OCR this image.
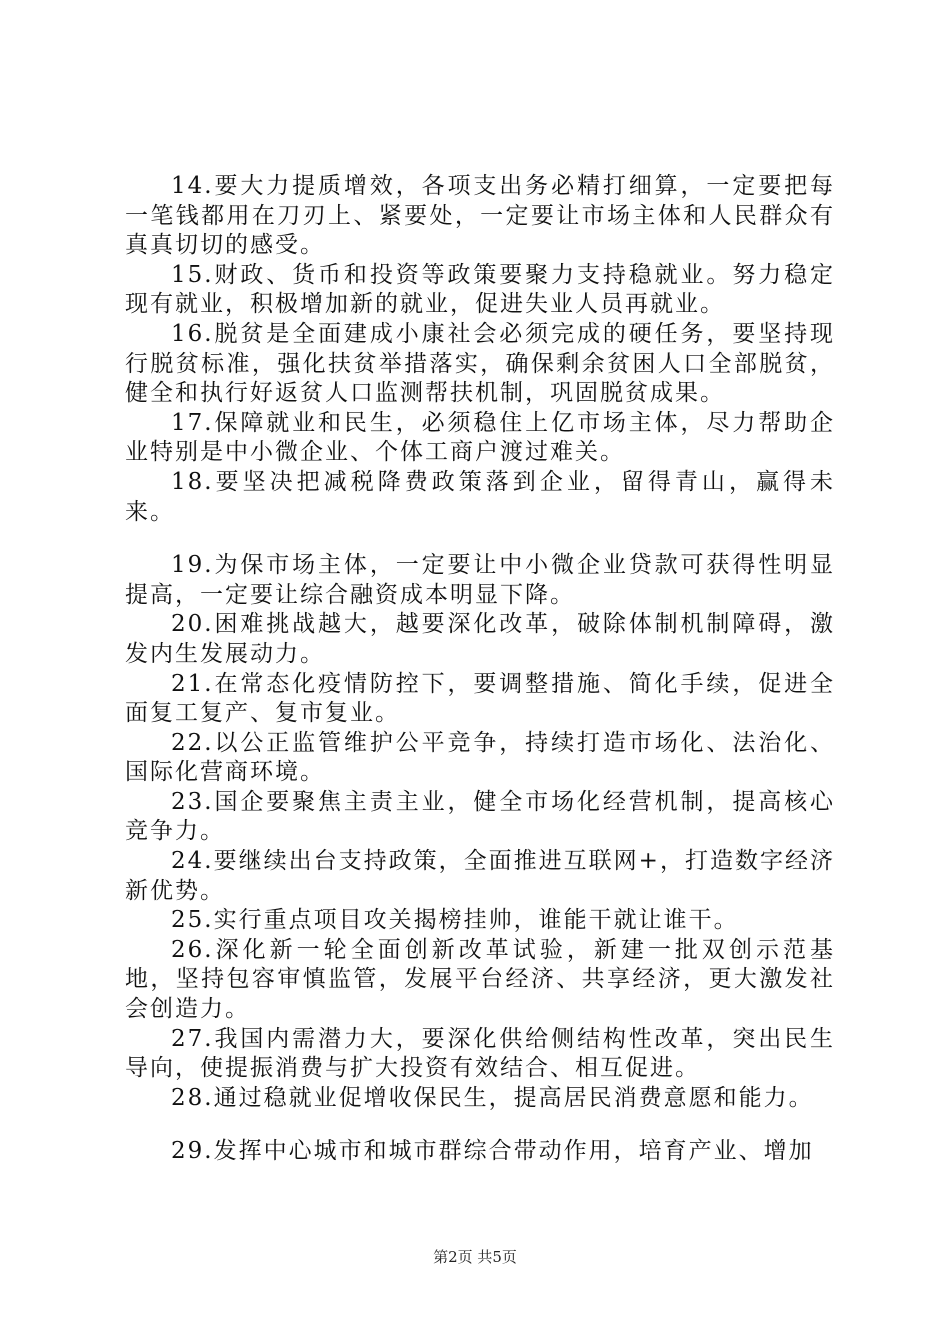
14.要大力提质增效，各项支出务必精打细算，一定要把每一笔钱都用在刀刃上、紧要处，一定要让市场主体和人民群众有真真切切的感受。

15.财政、货币和投资等政策要聚力支持稳就业。努力稳定现有就业，积极增加新的就业，促进失业人员再就业。

16.脱贫是全面建成小康社会必须完成的硬任务，要坚持现行脱贫标准，强化扶贫举措落实，确保剩余贫困人口全部脱贫，健全和执行好返贫人口监测帮扶机制，巩固脱贫成果。

17.保障就业和民生，必须稳住上亿市场主体，尽力帮助企业特别是中小微企业、个体工商户渡过难关。

18.要坚决把减税降费政策落到企业，留得青山，赢得未来。

19.为保市场主体，一定要让中小微企业贷款可获得性明显提高，一定要让综合融资成本明显下降。

20.困难挑战越大，越要深化改革，破除体制机制障碍，激发内生发展动力。

21.在常态化疫情防控下，要调整措施、简化手续，促进全面复工复产、复市复业。

22.以公正监管维护公平竞争，持续打造市场化、法治化、国际化营商环境。

23.国企要聚焦主责主业，健全市场化经营机制，提高核心竞争力。

24.要继续出台支持政策，全面推进互联网+，打造数字经济新优势。

25.实行重点项目攻关揭榜挂帅，谁能干就让谁干。

26.深化新一轮全面创新改革试验，新建一批双创示范基地，坚持包容审慎监管，发展平台经济、共享经济，更大激发社会创造力。

27.我国内需潜力大，要深化供给侧结构性改革，突出民生导向，使提振消费与扩大投资有效结合、相互促进。

28.通过稳就业促增收保民生，提高居民消费意愿和能力。

29.发挥中心城市和城市群综合带动作用，培育产业、增加

第2页 共5页
